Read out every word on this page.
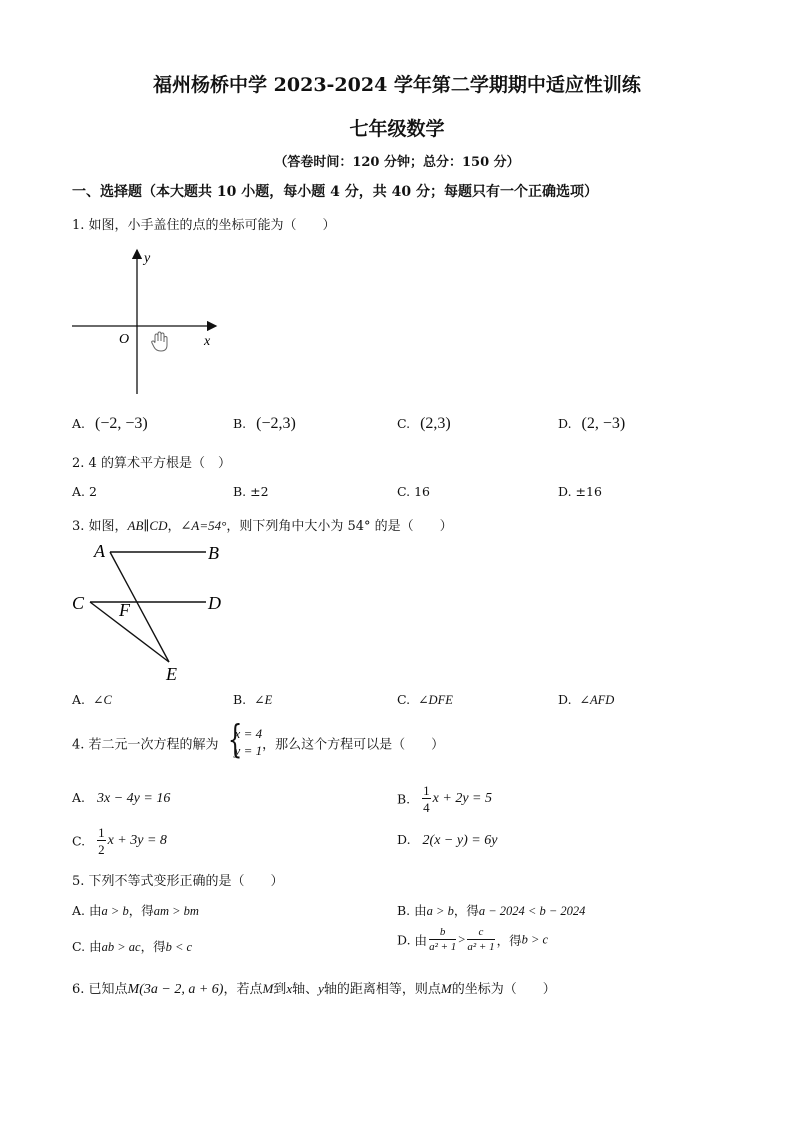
福州杨桥中学 2023-2024 学年第二学期期中适应性训练
七年级数学
（答卷时间：120 分钟；总分：150 分）
一、选择题（本大题共 10 小题，每小题 4 分，共 40 分；每题只有一个正确选项）
1. 如图，小手盖住的点的坐标可能为（　　）
y
x
O
A. (−2, −3)	B. (−2,3)	C. (2,3)	D. (2, −3)
2. 4 的算术平方根是（　）
A. 2	B. ±2	C. 16	D. ±16
3. 如图，AB∥CD，∠A=54°，则下列角中大小为 54° 的是（　　）
A	B
C	D
F
E
A. ∠C	B. ∠E	C. ∠DFE	D. ∠AFD
4. 若二元一次方程的解为 {
x = 4
y = 1 ，那么这个方程可以是（　　）
A. 3x − 4y = 16	B. $\frac{1}{4}$ x + 2y = 5
C. $\frac{1}{2}$ x + 3y = 8	D. 2(x − y) = 6y
5. 下列不等式变形正确的是（　　）
A. 由a > b，得am > bm	B. 由a > b，得a − 2024 < b − 2024
C. 由ab > ac，得b < c	D. 由 $\frac{b}{\text{a² + 1}} > \frac{c}{\text{a² + 1}}$ ，得b > c
6. 已知点M(3a − 2, a + 6)，若点M到x轴、y轴的距离相等，则点M的坐标为（　　）
